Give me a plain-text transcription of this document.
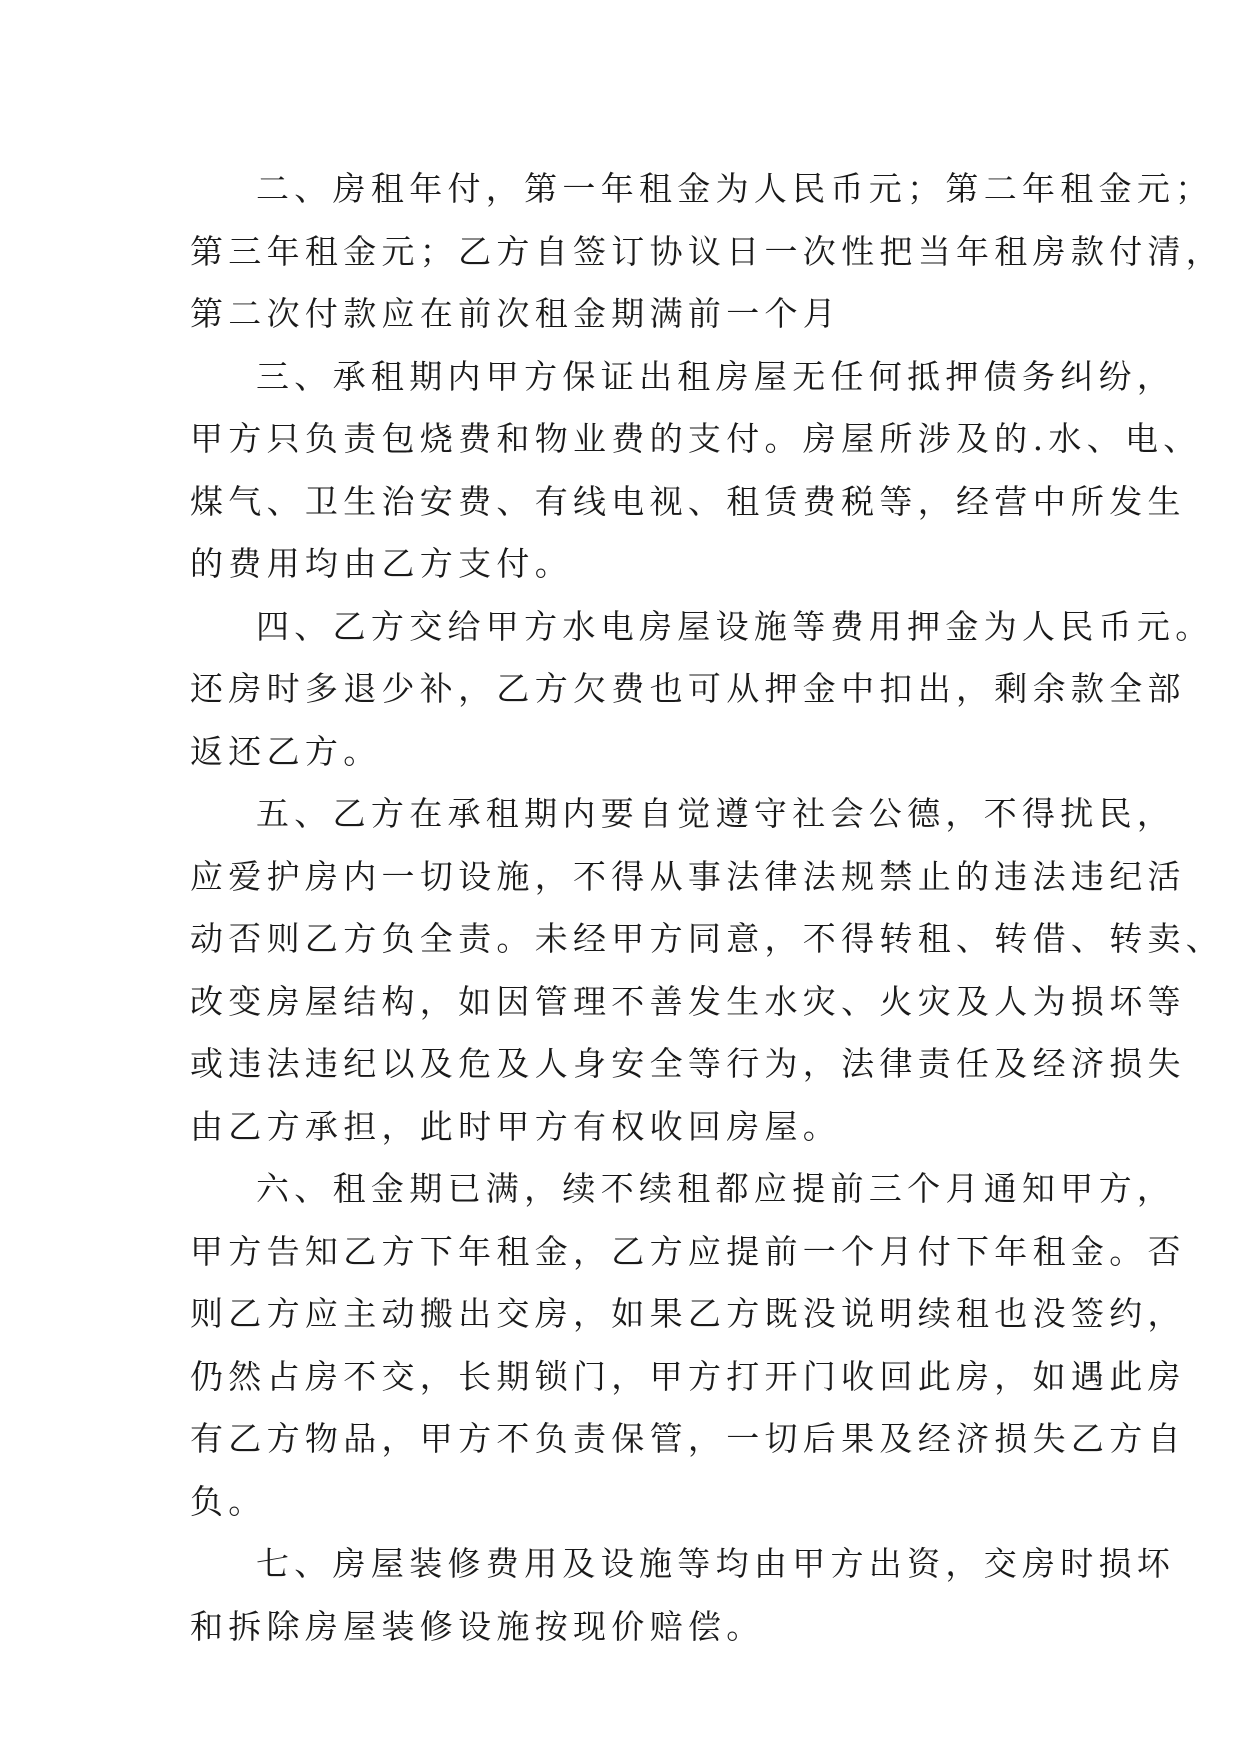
二、房租年付，第一年租金为人民币元；第二年租金元；
第三年租金元；乙方自签订协议日一次性把当年租房款付清，
第二次付款应在前次租金期满前一个月
三、承租期内甲方保证出租房屋无任何抵押债务纠纷，
甲方只负责包烧费和物业费的支付。房屋所涉及的.水、电、
煤气、卫生治安费、有线电视、租赁费税等，经营中所发生
的费用均由乙方支付。
四、乙方交给甲方水电房屋设施等费用押金为人民币元。
还房时多退少补，乙方欠费也可从押金中扣出，剩余款全部
返还乙方。
五、乙方在承租期内要自觉遵守社会公德，不得扰民，
应爱护房内一切设施，不得从事法律法规禁止的违法违纪活
动否则乙方负全责。未经甲方同意，不得转租、转借、转卖、
改变房屋结构，如因管理不善发生水灾、火灾及人为损坏等
或违法违纪以及危及人身安全等行为，法律责任及经济损失
由乙方承担，此时甲方有权收回房屋。
六、租金期已满，续不续租都应提前三个月通知甲方，
甲方告知乙方下年租金，乙方应提前一个月付下年租金。否
则乙方应主动搬出交房，如果乙方既没说明续租也没签约，
仍然占房不交，长期锁门，甲方打开门收回此房，如遇此房
有乙方物品，甲方不负责保管，一切后果及经济损失乙方自
负。
七、房屋装修费用及设施等均由甲方出资，交房时损坏
和拆除房屋装修设施按现价赔偿。
